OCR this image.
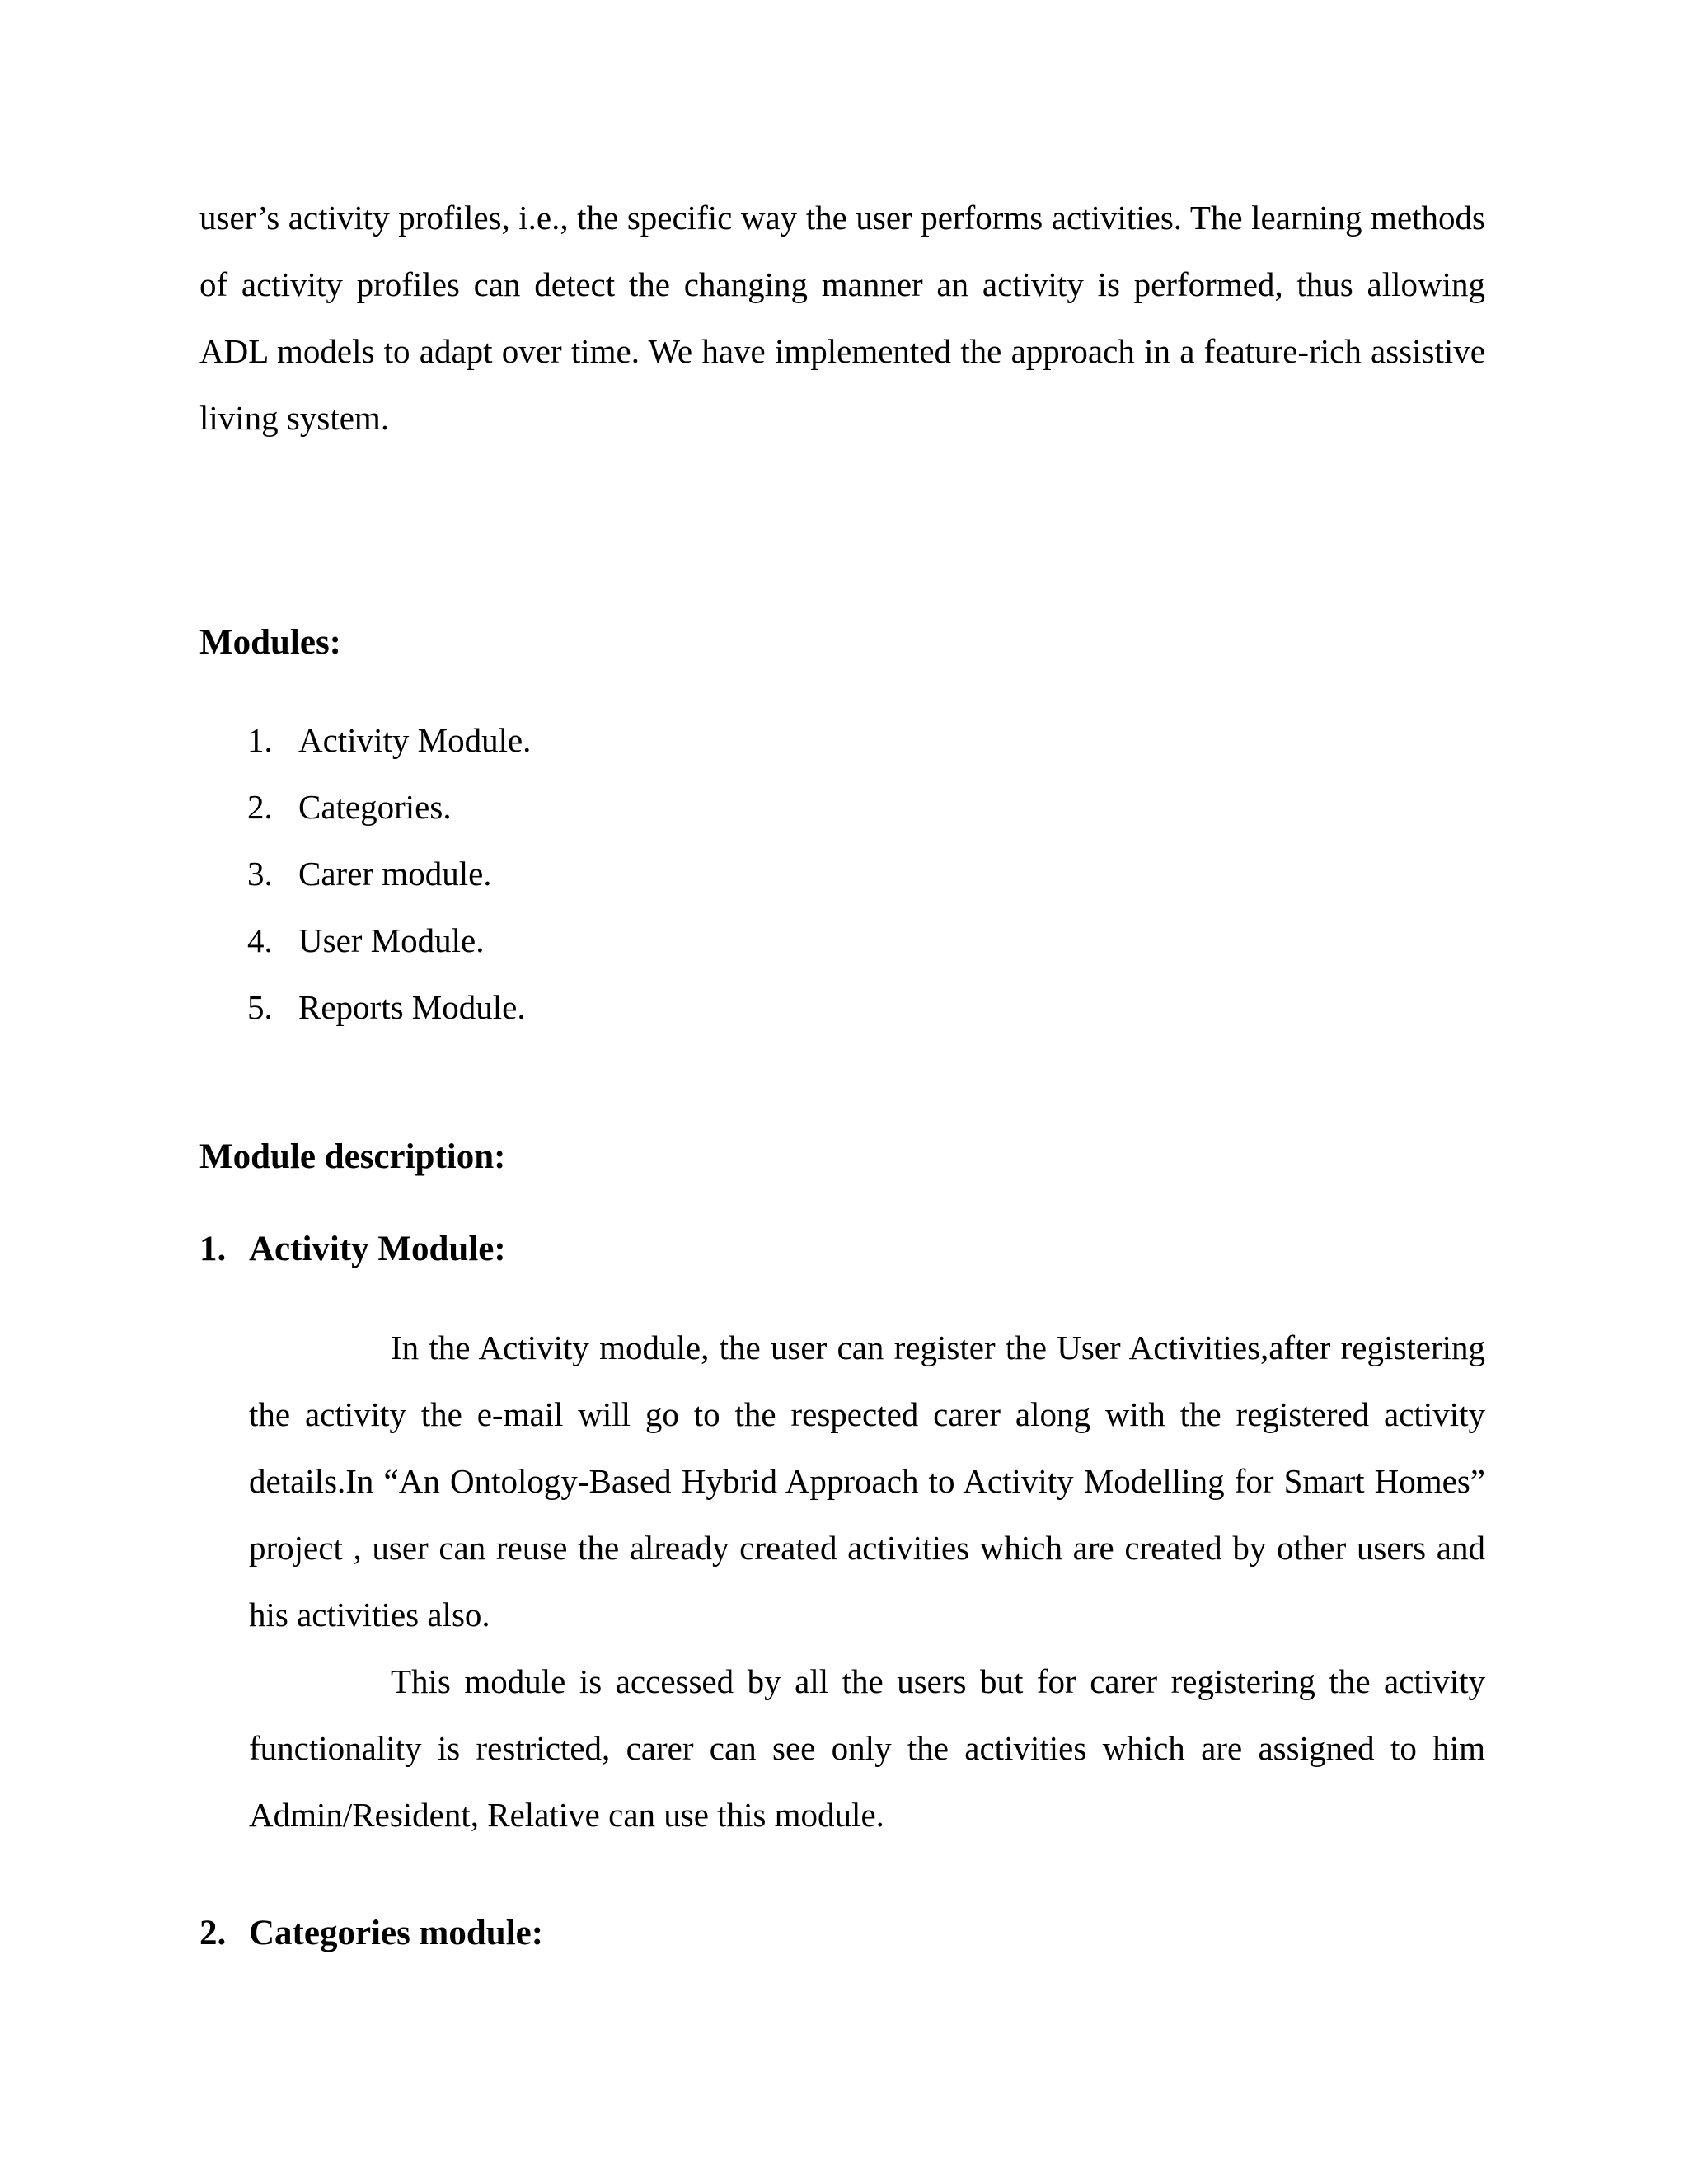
user’s activity profiles, i.e., the specific way the user performs activities. The learning methods of activity profiles can detect the changing manner an activity is performed, thus allowing ADL models to adapt over time. We have implemented the approach in a feature-rich assistive living system.

Modules:
1. Activity Module.
2. Categories.
3. Carer module.
4. User Module.
5. Reports Module.
Module description:
1. Activity Module:

In the Activity module, the user can register the User Activities,after registering the activity the e-mail will go to the respected carer along with the registered activity details.In “An Ontology-Based Hybrid Approach to Activity Modelling for Smart Homes” project , user can reuse the already created activities which are created by other users and his activities also.

This module is accessed by all the users but for carer registering the activity functionality is restricted, carer can see only the activities which are assigned to him Admin/Resident, Relative can use this module.

2. Categories module:
